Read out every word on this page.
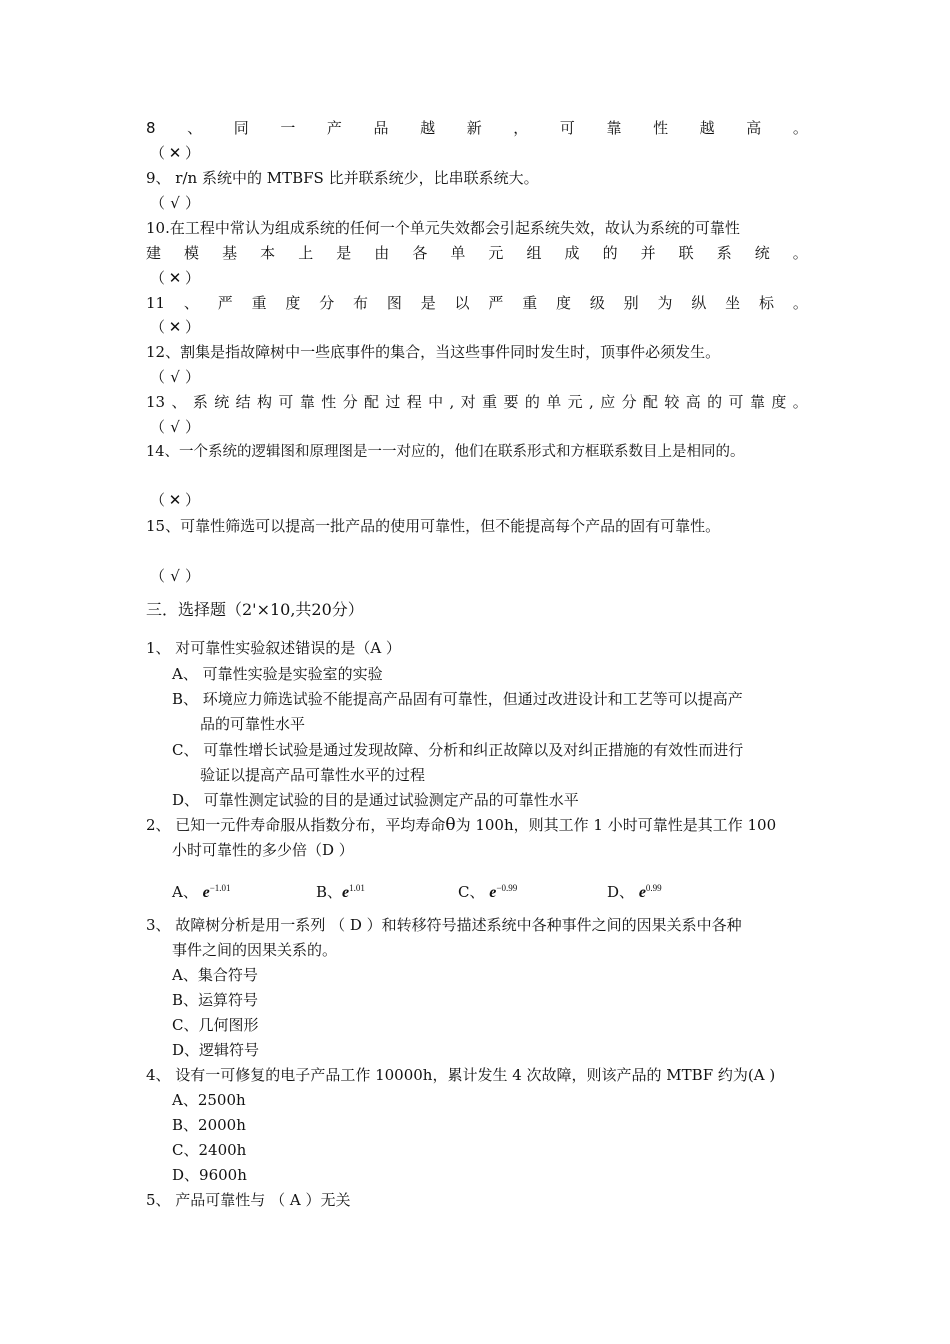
8 、 同 一 产 品 越 新 ， 可 靠 性 越 高 。
（ ✕ ）
9、 r/n 系统中的 MTBFS 比并联系统少，比串联系统大。
（ √ ）
10.在工程中常认为组成系统的任何一个单元失效都会引起系统失效，故认为系统的可靠性
建 模 基 本 上 是 由 各 单 元 组 成 的 并 联 系 统 。
（ ✕ ）
11 、 严 重 度 分 布 图 是 以 严 重 度 级 别 为 纵 坐 标 。
（ ✕ ）
12、割集是指故障树中一些底事件的集合，当这些事件同时发生时，顶事件必须发生。
（ √ ）
13 、 系 统 结 构 可 靠 性 分 配 过 程 中 , 对 重 要 的 单 元 , 应 分 配 较 高 的 可 靠 度 。
（ √ ）
14、一个系统的逻辑图和原理图是一一对应的，他们在联系形式和方框联系数目上是相同的。
（ ✕ ）
15、可靠性筛选可以提高一批产品的使用可靠性，但不能提高每个产品的固有可靠性。
（ √ ）
三．选择题（2'×10,共20分）
1、 对可靠性实验叙述错误的是（A ）
A、 可靠性实验是实验室的实验
B、 环境应力筛选试验不能提高产品固有可靠性，但通过改进设计和工艺等可以提高产
品的可靠性水平
C、 可靠性增长试验是通过发现故障、分析和纠正故障以及对纠正措施的有效性而进行
验证以提高产品可靠性水平的过程
D、 可靠性测定试验的目的是通过试验测定产品的可靠性水平
2、 已知一元件寿命服从指数分布，平均寿命θ为 100h，则其工作 1 小时可靠性是其工作 100
小时可靠性的多少倍（D ）
A、 $e^{-1.01}$	B、$e^{1.01}$	C、 $e^{-0.99}$	D、 $e^{0.99}$
3、 故障树分析是用一系列 （ D ）和转移符号描述系统中各种事件之间的因果关系中各种
事件之间的因果关系的。
A、集合符号
B、运算符号
C、几何图形
D、逻辑符号
4、 设有一可修复的电子产品工作 10000h，累计发生 4 次故障，则该产品的 MTBF 约为(A )
A、2500h
B、2000h
C、2400h
D、9600h
5、 产品可靠性与 （ A ）无关
